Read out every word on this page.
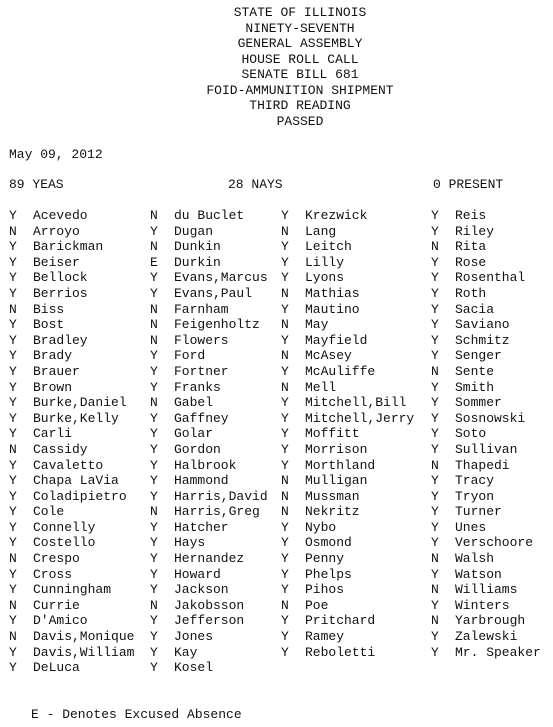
STATE OF ILLINOIS
NINETY-SEVENTH
GENERAL ASSEMBLY
HOUSE ROLL CALL
SENATE BILL 681
FOID-AMMUNITION SHIPMENT
THIRD READING
PASSED
May 09, 2012
89 YEAS	28 NAYS	0 PRESENT
Y Acevedo
N Arroyo
Y Barickman
Y Beiser
Y Bellock
Y Berrios
N Biss
Y Bost
Y Bradley
Y Brady
Y Brauer
Y Brown
Y Burke,Daniel
Y Burke,Kelly
Y Carli
N Cassidy
Y Cavaletto
Y Chapa LaVia
Y Coladipietro
Y Cole
Y Connelly
Y Costello
N Crespo
Y Cross
Y Cunningham
N Currie
Y D'Amico
N Davis,Monique
Y Davis,William
Y DeLuca
N du Buclet
Y Dugan
N Dunkin
E Durkin
Y Evans,Marcus
Y Evans,Paul
N Farnham
N Feigenholtz
N Flowers
Y Ford
Y Fortner
Y Franks
N Gabel
Y Gaffney
Y Golar
Y Gordon
Y Halbrook
Y Hammond
Y Harris,David
N Harris,Greg
Y Hatcher
Y Hays
Y Hernandez
Y Howard
Y Jackson
N Jakobsson
Y Jefferson
Y Jones
Y Kay
Y Kosel
Y Krezwick
N Lang
Y Leitch
Y Lilly
Y Lyons
N Mathias
Y Mautino
N May
Y Mayfield
N McAsey
Y McAuliffe
N Mell
Y Mitchell,Bill
Y Mitchell,Jerry
Y Moffitt
Y Morrison
Y Morthland
N Mulligan
N Mussman
N Nekritz
Y Nybo
Y Osmond
Y Penny
Y Phelps
Y Pihos
N Poe
Y Pritchard
Y Ramey
Y Reboletti
Y Reis
Y Riley
N Rita
Y Rose
Y Rosenthal
Y Roth
Y Sacia
Y Saviano
Y Schmitz
Y Senger
N Sente
Y Smith
Y Sommer
Y Sosnowski
Y Soto
Y Sullivan
N Thapedi
Y Tracy
Y Tryon
Y Turner
Y Unes
Y Verschoore
N Walsh
Y Watson
N Williams
Y Winters
N Yarbrough
Y Zalewski
Y Mr. Speaker
E - Denotes Excused Absence
